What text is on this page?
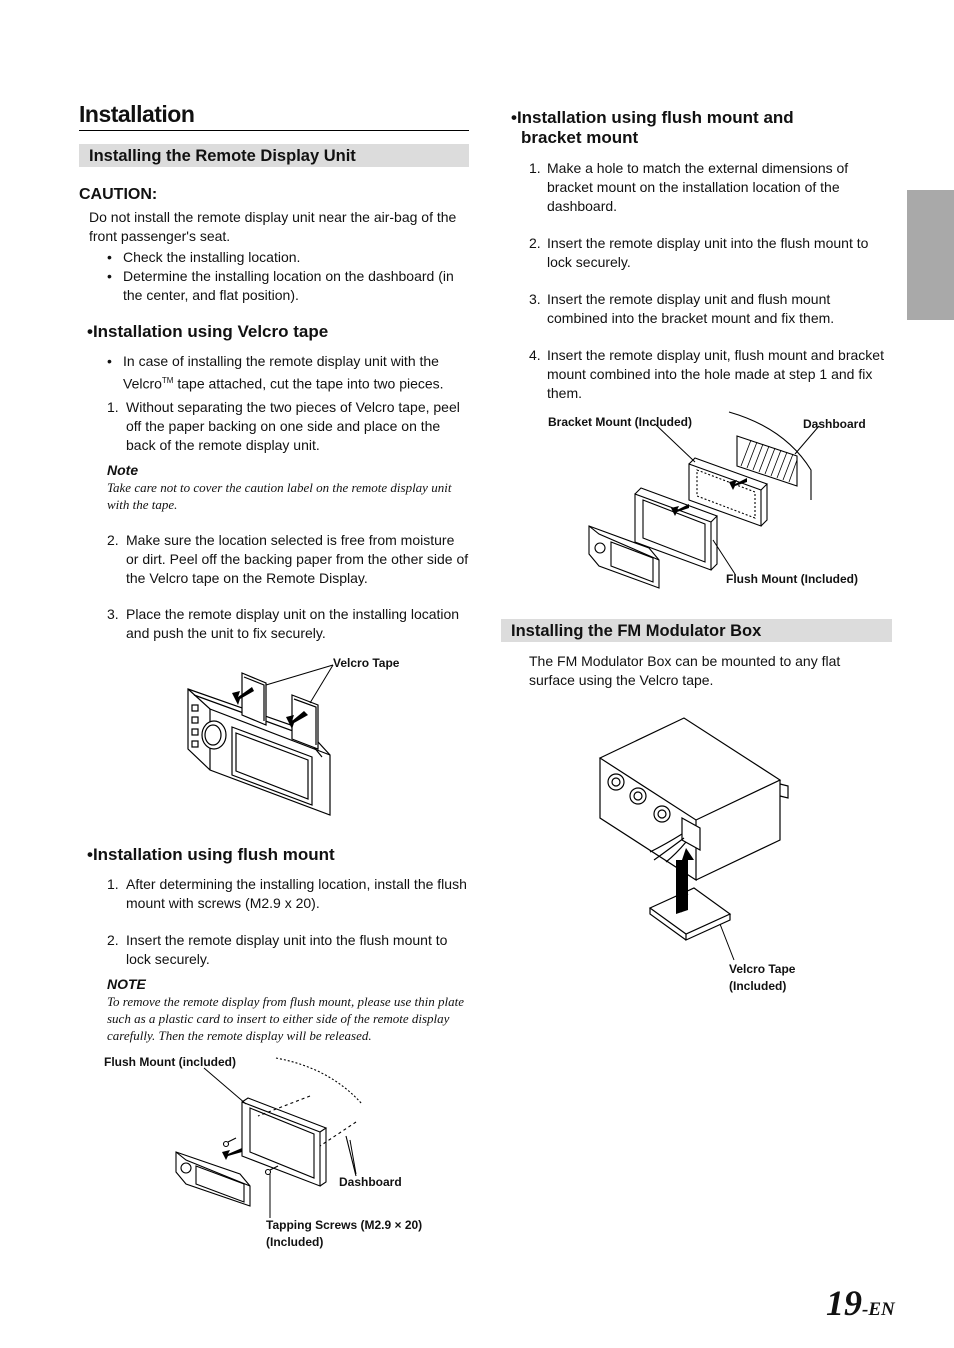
Installation
Installing the Remote Display Unit
CAUTION:
Do not install the remote display unit near the air-bag of the front passenger's seat.
• Check the installing location.
• Determine the installing location on the dashboard (in the center, and flat position).
•Installation using Velcro tape
• In case of installing the remote display unit with the Velcro™ tape attached, cut the tape into two pieces.
1. Without separating the two pieces of Velcro tape, peel off the paper backing on one side and place on the back of the remote display unit.
Note
Take care not to cover the caution label on the remote display unit with the tape.
2. Make sure the location selected is free from moisture or dirt. Peel off the backing paper from the other side of the Velcro tape on the Remote Display.
3. Place the remote display unit on the installing location and push the unit to fix securely.
Velcro Tape
•Installation using flush mount
1. After determining the installing location, install the flush mount with screws (M2.9 x 20).
2. Insert the remote display unit into the flush mount to lock securely.
NOTE
To remove the remote display from flush mount, please use thin plate such as a plastic card to insert to either side of the remote display carefully. Then the remote display will be released.
Flush Mount (included)
Dashboard
Tapping Screws (M2.9 × 20)
(Included)
•Installation using flush mount and
bracket mount
1. Make a hole to match the external dimensions of bracket mount on the installation location of the dashboard.
2. Insert the remote display unit into the flush mount to lock securely.
3. Insert the remote display unit and flush mount combined into the bracket mount and fix them.
4. Insert the remote display unit, flush mount and bracket mount combined into the hole made at step 1 and fix them.
Bracket Mount (Included)	Dashboard
Flush Mount (Included)
Installing the FM Modulator Box
The FM Modulator Box can be mounted to any flat surface using the Velcro tape.
Velcro Tape
(Included)
19-EN
